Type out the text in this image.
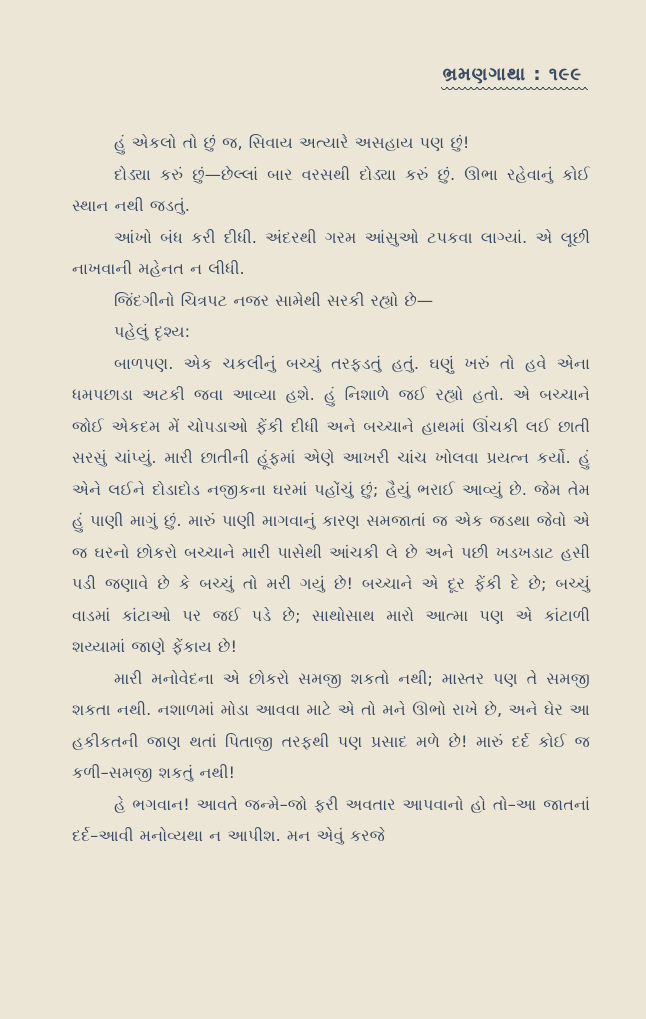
ભ્રમણગાથા : ૧૯૯

હું એકલો તો છું જ, સિવાય અત્યારે અસહાય પણ છું!

દોડ્યા કરું છું—છેલ્લાં બાર વરસથી દોડ્યા કરું છું. ઊભા રહેવાનું કોઈ સ્થાન નથી જડતું.

આંખો બંધ કરી દીધી. અંદરથી ગરમ આંસુઓ ટપકવા લાગ્યાં. એ લૂછી નાખવાની મહેનત ન લીધી.

જિંદગીનો ચિત્રપટ નજર સામેથી સરકી રહ્યો છે—

પહેલું દૃશ્ય:

બાળપણ. એક ચકલીનું બચ્ચું તરફડતું હતું. ઘણું ખરું તો હવે એના ધમપછાડા અટકી જવા આવ્યા હશે. હું નિશાળે જઈ રહ્યો હતો. એ બચ્ચાને જોઈ એકદમ મેં ચોપડાઓ ફેંકી દીધી અને બચ્ચાને હાથમાં ઊંચકી લઈ છાતી સરસું ચાંપ્યું. મારી છાતીની હૂંફમાં એણે આખરી ચાંચ ખોલવા પ્રયત્ન કર્યો. હું એને લઈને દોડાદોડ નજીકના ઘરમાં પહોંચું છું; હૈયું ભરાઈ આવ્યું છે. જેમ તેમ હું પાણી માગું છું. મારું પાણી માગવાનું કારણ સમજાતાં જ એક જડથા જેવો એ જ ઘરનો છોકરો બચ્ચાને મારી પાસેથી આંચકી લે છે અને પછી ખડખડાટ હસી પડી જણાવે છે કે બચ્ચું તો મરી ગયું છે! બચ્ચાને એ દૂર ફેંકી દે છે; બચ્ચું વાડમાં કાંટાઓ પર જઈ પડે છે; સાથોસાથ મારો આત્મા પણ એ કાંટાળી શય્યામાં જાણે ફેંકાય છે!

મારી મનોવેદના એ છોકરો સમજી શકતો નથી; માસ્તર પણ તે સમજી શકતા નથી. નશાળમાં મોડા આવવા માટે એ તો મને ઊભો રાખે છે, અને ઘેર આ હકીકતની જાણ થતાં પિતાજી તરફથી પણ પ્રસાદ મળે છે! મારું દર્દ કોઈ જ કળી–સમજી શકતું નથી!

હે ભગવાન! આવતે જન્મે–જો ફરી અવતાર આપવાનો હો તો–આ જાતનાં દર્દ–આવી મનોવ્યથા ન આપીશ. મન એવું કરજે
